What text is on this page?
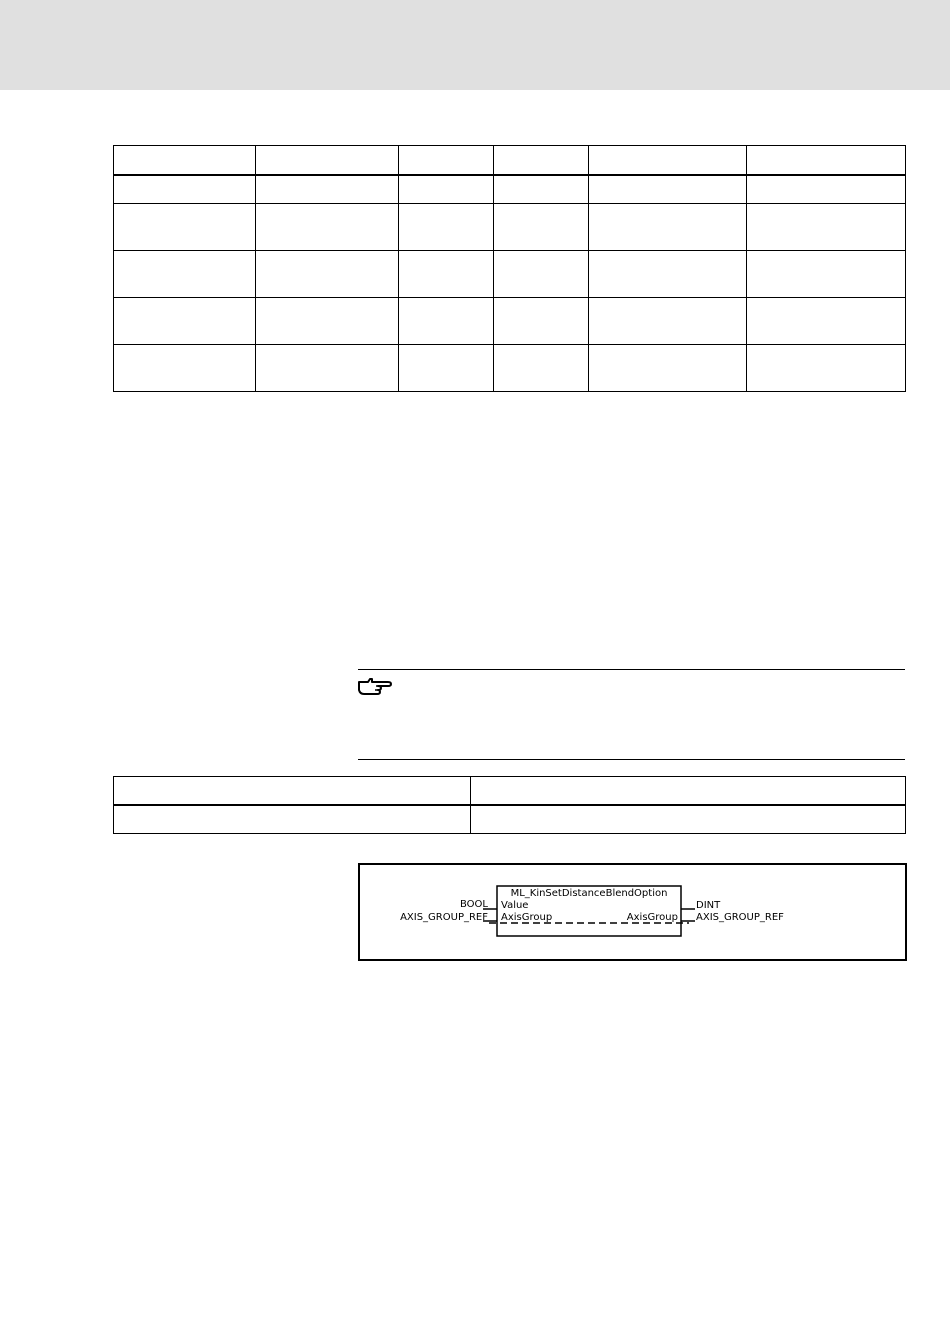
ML_KinSetDistanceBlendOption
BOOL
AXIS_GROUP_REF
Value
AxisGroup	AxisGroup
DINT
AXIS_GROUP_REF
